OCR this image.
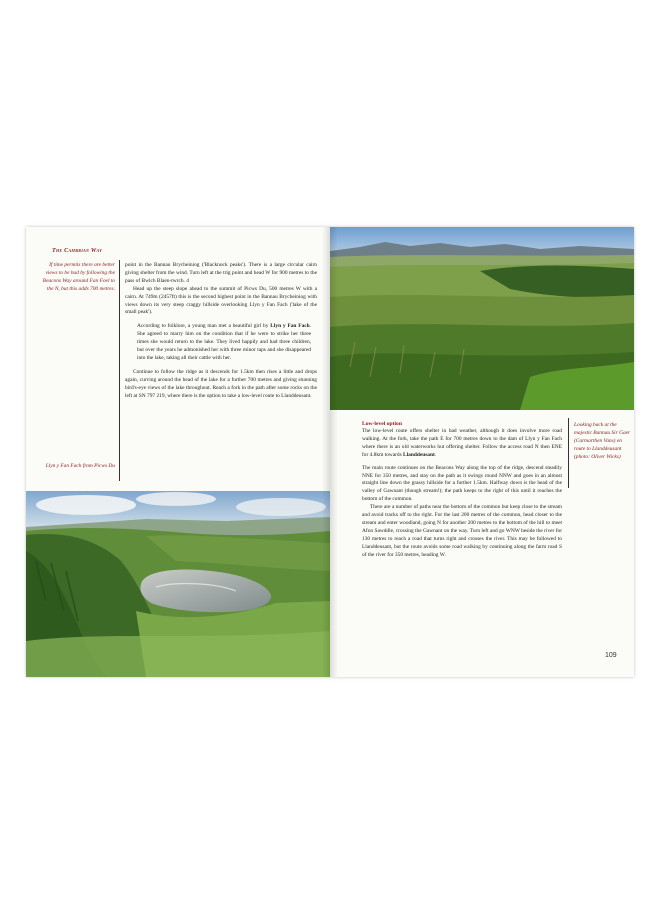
The Cambrian Way
If time permits there are better views to be had by following the Beacons Way around Fan Foel to the N, but this adds 700 metres.

point in the Bannau Brycheiniog ('Blacknock peaks'). There is a large circular cairn giving shelter from the wind. Turn left at the trig point and head W for 900 metres to the pass of Bwlch Blaen-twrch. 4

Head up the steep slope ahead to the summit of Picws Du, 500 metres W with a cairn. At 749m (2457ft) this is the second highest point in the Bannau Brycheiniog with views down its very steep craggy hillside overlooking Llyn y Fan Fach ('lake of the small peak').

According to folklore, a young man met a beautiful girl by Llyn y Fan Fach. She agreed to marry him on the condition that if he were to strike her three times she would return to the lake. They lived happily and had three children, but over the years he admonished her with three minor taps and she disappeared into the lake, taking all their cattle with her.

Continue to follow the ridge as it descends for 1.5km then rises a little and drops again, curving around the head of the lake for a further 700 metres and giving stunning bird's-eye views of the lake throughout. Reach a fork in the path after some rocks on the left at SN 797 219, where there is the option to take a low-level route to Llanddeusant.

Llyn y Fan Fach from Picws Du

Low-level option

The low-level route offers shelter in bad weather, although it does involve more road walking. At the fork, take the path E for 700 metres down to the dam of Llyn y Fan Fach where there is an old waterworks hut offering shelter. Follow the access road N then ENE for 4.8km towards Llanddeusant.

The main route continues on the Beacons Way along the top of the ridge, descend steadily NNE for 350 metres, and stay on the path as it swings round NNW and goes in an almost straight line down the grassy hillside for a further 1.5km. Halfway down is the head of the valley of Gawnant (though stream!); the path keeps to the right of this until it reaches the bottom of the common.

There are a number of paths near the bottom of the common but keep close to the stream and avoid tracks off to the right. For the last 200 metres of the common, head closer to the stream and enter woodland, going N for another 200 metres to the bottom of the hill to meet Afon Sawddle, crossing the Gawnant on the way. Turn left and go WNW beside the river for 130 metres to reach a road that turns right and crosses the river. This may be followed to Llanddeusant, but the route avoids some road walking by continuing along the farm road S of the river for 350 metres, heading W.

Looking back at the majestic Bannau Sir Gaer (Carmarthen Vans) en route to Llanddeusant (photo: Oliver Wicks)
109
